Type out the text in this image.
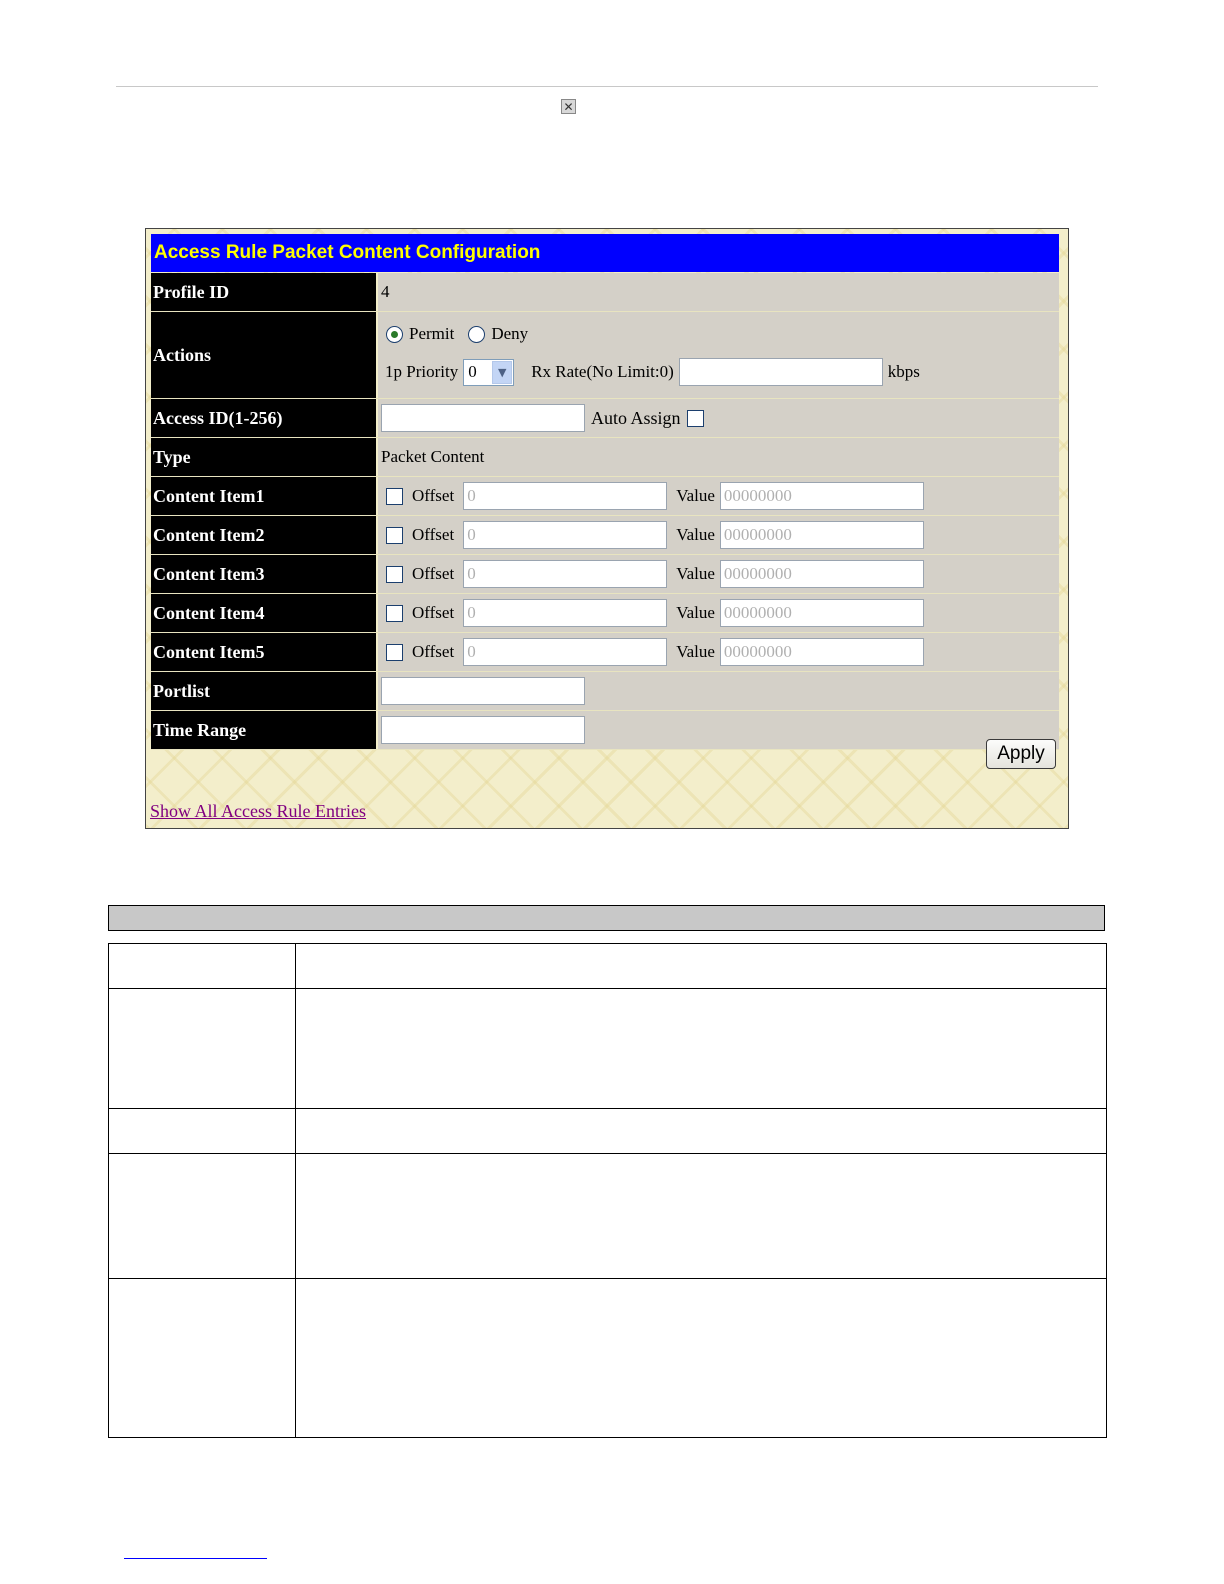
✕
Access Rule Packet Content Configuration
Profile ID	4
Actions
Permit Deny
1p Priority 0	▼	Rx Rate(No Limit:0)	kbps
Access ID(1-256)	Auto Assign
Type	Packet Content
Content Item1	Offset 0	Value 00000000
Content Item2	Offset 0	Value 00000000
Content Item3	Offset 0	Value 00000000
Content Item4	Offset 0	Value 00000000
Content Item5	Offset 0	Value 00000000
Portlist
Time Range
Apply
Show All Access Rule Entries
